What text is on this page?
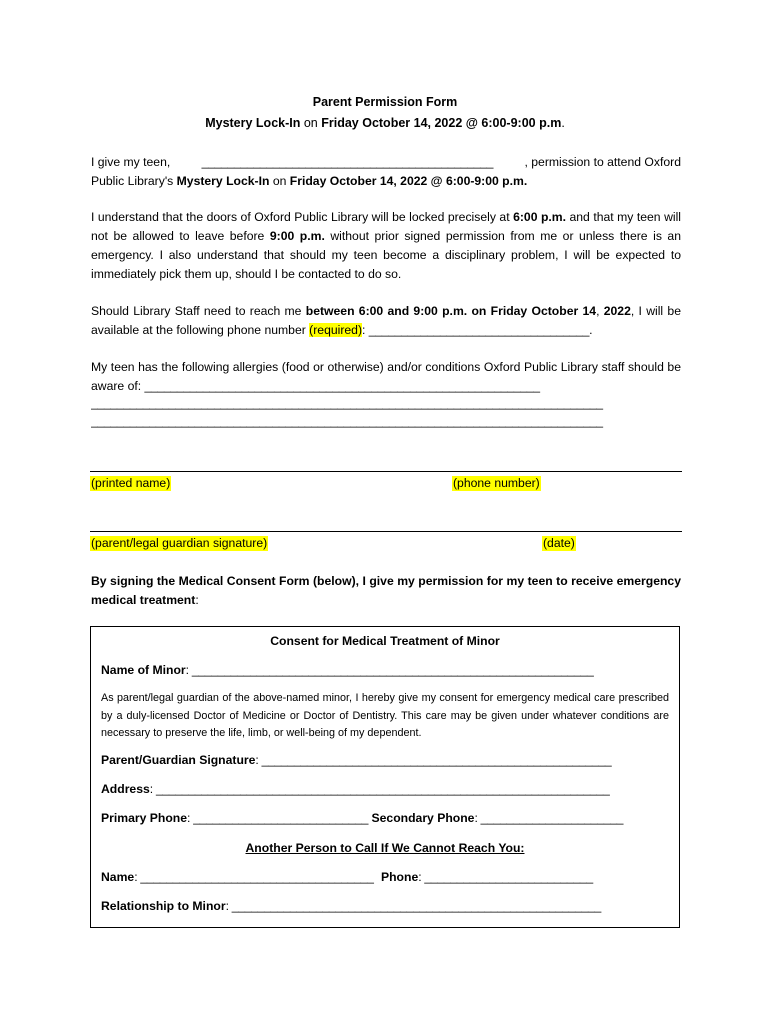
Parent Permission Form
Mystery Lock-In on Friday October 14, 2022 @ 6:00-9:00 p.m.
I give my teen,	_____________________________________________	, permission to attend Oxford
Public Library's Mystery Lock-In on Friday October 14, 2022 @ 6:00-9:00 p.m.
I understand that the doors of Oxford Public Library will be locked precisely at 6:00 p.m. and that my teen will not be allowed to leave before 9:00 p.m. without prior signed permission from me or unless there is an emergency. I also understand that should my teen become a disciplinary problem, I will be expected to immediately pick them up, should I be contacted to do so.
Should Library Staff need to reach me between 6:00 and 9:00 p.m. on Friday October 14, 2022, I will be available at the following phone number (required): __________________________________.
My teen has the following allergies (food or otherwise) and/or conditions Oxford Public Library staff should be aware of: _____________________________________________________________
_______________________________________________________________________________
_______________________________________________________________________________
(printed name)	(phone number)
(parent/legal guardian signature)	(date)
By signing the Medical Consent Form (below), I give my permission for my teen to receive emergency medical treatment:
Consent for Medical Treatment of Minor
Name of Minor: ______________________________________________________________
As parent/legal guardian of the above-named minor, I hereby give my consent for emergency medical care prescribed by a duly-licensed Doctor of Medicine or Doctor of Dentistry. This care may be given under whatever conditions are necessary to preserve the life, limb, or well-being of my dependent.
Parent/Guardian Signature: ______________________________________________________
Address: ______________________________________________________________________
Primary Phone: ___________________________ Secondary Phone: ______________________
Another Person to Call If We Cannot Reach You:
Name: ____________________________________ Phone: __________________________
Relationship to Minor: _________________________________________________________
